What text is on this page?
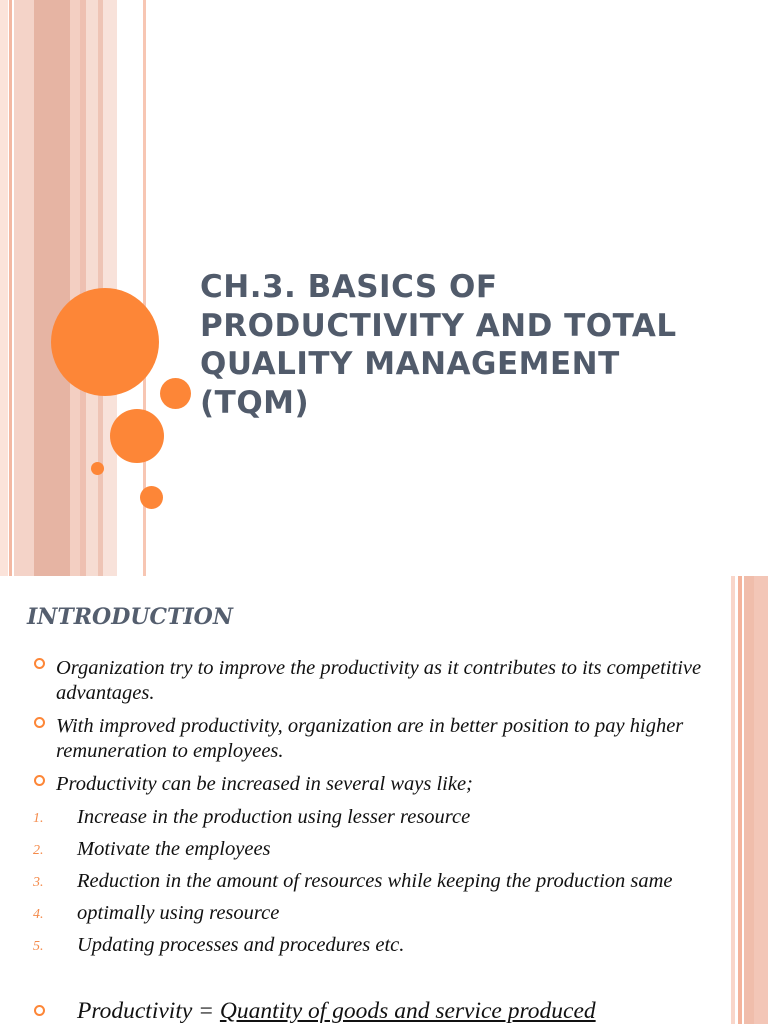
CH.3. BASICS OF PRODUCTIVITY AND TOTAL QUALITY MANAGEMENT (TQM)
INTRODUCTION

Organization try to improve the productivity as it contributes to its competitive advantages.

With improved productivity, organization are in better position to pay higher remuneration to employees.

Productivity can be increased in several ways like;

1. Increase in the production using lesser resource

2. Motivate the employees

3. Reduction in the amount of resources while keeping the production same

4. optimally using resource

5. Updating processes and procedures etc.

Productivity = Quantity of goods and service produced
